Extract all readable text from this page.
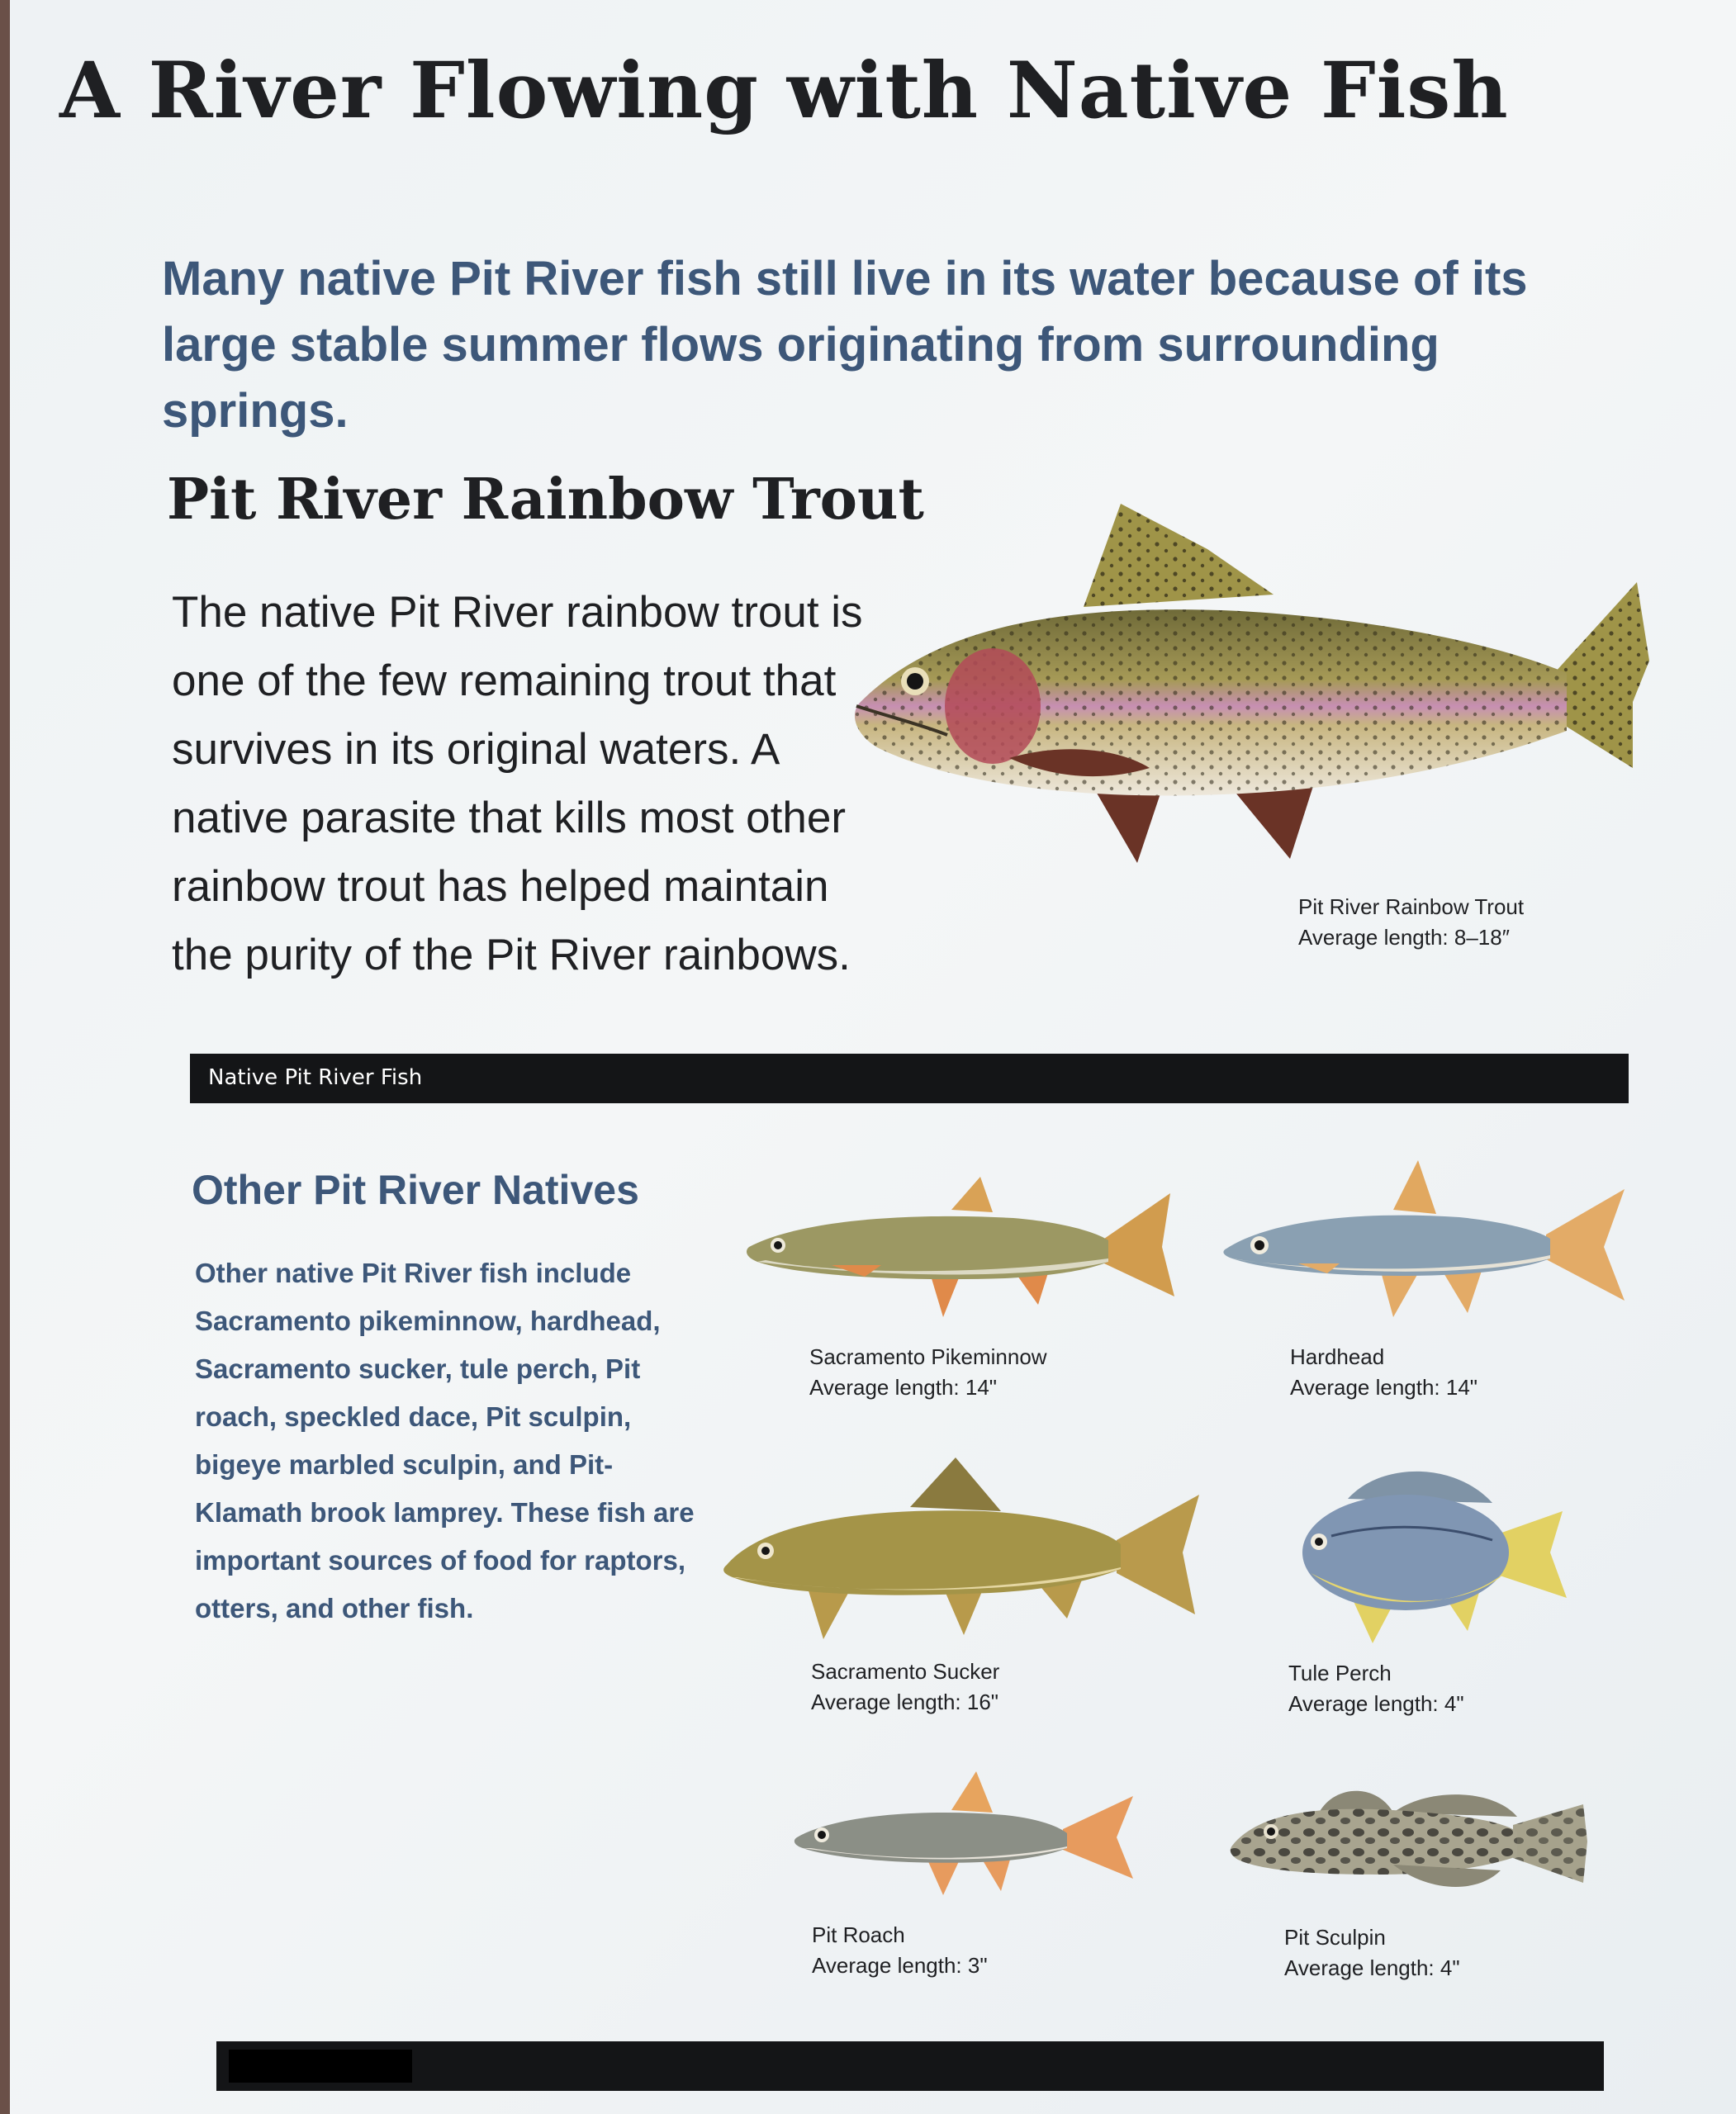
A River Flowing with Native Fish

Many native Pit River fish still live in its water because of its large stable summer flows originating from surrounding springs.

Pit River Rainbow Trout

The native Pit River rainbow trout is one of the few remaining trout that survives in its original waters. A native parasite that kills most other rainbow trout has helped maintain the purity of the Pit River rainbows.

Pit River Rainbow Trout
Average length: 8–18″
Native Pit River Fish
Other Pit River Natives

Other native Pit River fish include Sacramento pikeminnow, hardhead, Sacramento sucker, tule perch, Pit roach, speckled dace, Pit sculpin, bigeye marbled sculpin, and Pit-Klamath brook lamprey. These fish are important sources of food for raptors, otters, and other fish.

Sacramento Pikeminnow
Average length: 14"
Hardhead
Average length: 14"
Sacramento Sucker
Average length: 16"
Tule Perch
Average length: 4"
Pit Roach
Average length: 3"
Pit Sculpin
Average length: 4"
